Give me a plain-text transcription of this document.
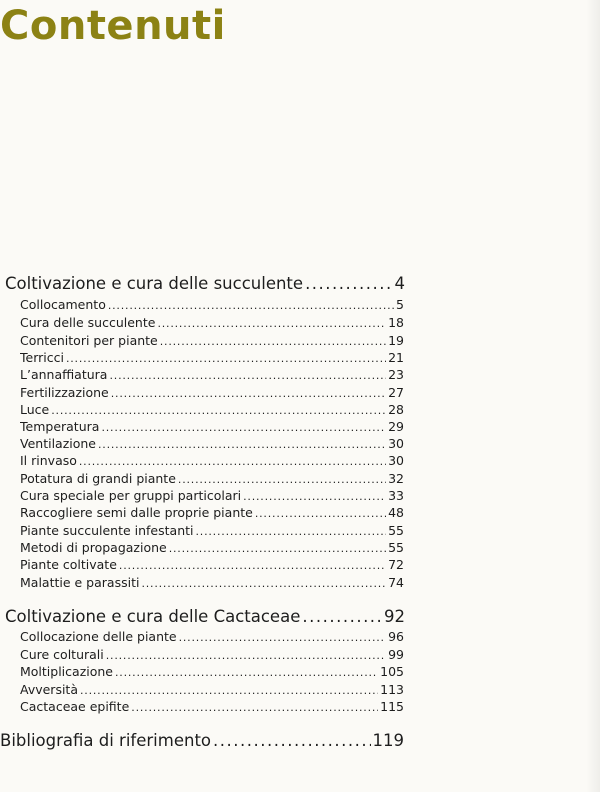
Contenuti
Coltivazione e cura delle succulente .....	4
Collocamento .....	5
Cura delle succulente .....	18
Contenitori per piante .....	19
Terricci .....	21
L’annaffiatura .....	23
Fertilizzazione .....	27
Luce .....	28
Temperatura .....	29
Ventilazione .....	30
Il rinvaso .....	30
Potatura di grandi piante .....	32
Cura speciale per gruppi particolari .....	33
Raccogliere semi dalle proprie piante .....	48
Piante succulente infestanti .....	55
Metodi di propagazione .....	55
Piante coltivate .....	72
Malattie e parassiti .....	74
Coltivazione e cura delle Cactaceae .....	92
Collocazione delle piante .....	96
Cure colturali .....	99
Moltiplicazione .....	105
Avversità .....	113
Cactaceae epifite .....	115
Bibliografia di riferimento .....	119
